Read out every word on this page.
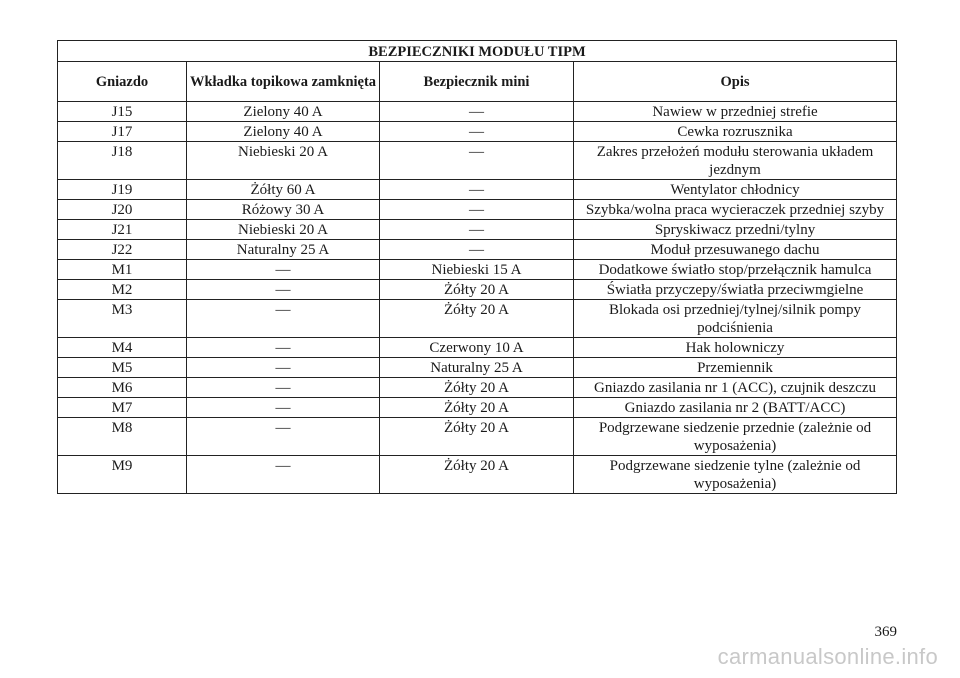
BEZPIECZNIKI MODUŁU TIPM			
Gniazdo	Wkładka topikowa zamknięta	Bezpiecznik mini	Opis
J15	Zielony 40 A	—	Nawiew w przedniej strefie
J17	Zielony 40 A	—	Cewka rozrusznika
J18	Niebieski 20 A	—	Zakres przełożeń modułu sterowania układem jezdnym
J19	Żółty 60 A	—	Wentylator chłodnicy
J20	Różowy 30 A	—	Szybka/wolna praca wycieraczek przedniej szyby
J21	Niebieski 20 A	—	Spryskiwacz przedni/tylny
J22	Naturalny 25 A	—	Moduł przesuwanego dachu
M1	—	Niebieski 15 A	Dodatkowe światło stop/przełącznik hamulca
M2	—	Żółty 20 A	Światła przyczepy/światła przeciwmgielne
M3	—	Żółty 20 A	Blokada osi przedniej/tylnej/silnik pompy podciśnienia
M4	—	Czerwony 10 A	Hak holowniczy
M5	—	Naturalny 25 A	Przemiennik
M6	—	Żółty 20 A	Gniazdo zasilania nr 1 (ACC), czujnik deszczu
M7	—	Żółty 20 A	Gniazdo zasilania nr 2 (BATT/ACC)
M8	—	Żółty 20 A	Podgrzewane siedzenie przednie (zależnie od wyposażenia)
M9	—	Żółty 20 A	Podgrzewane siedzenie tylne (zależnie od wyposażenia)
369
carmanualsonline.info
